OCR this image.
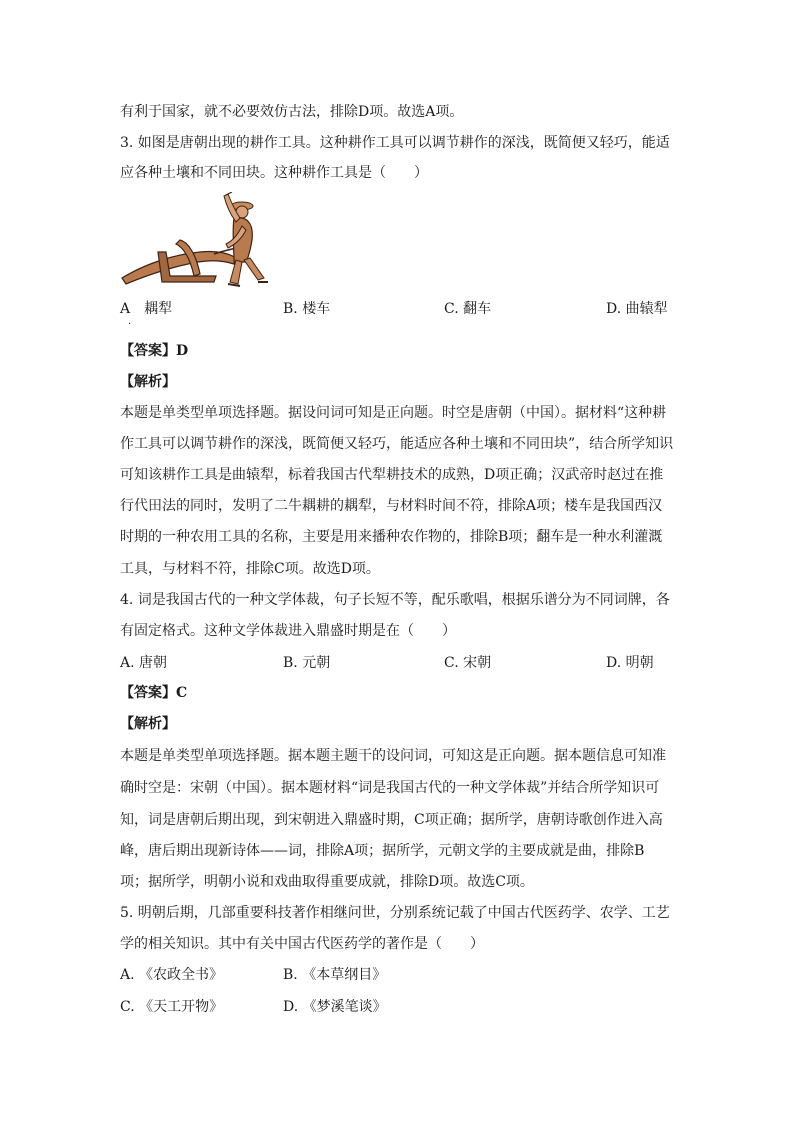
有利于国家，就不必要效仿古法，排除D项。故选A项。
3. 如图是唐朝出现的耕作工具。这种耕作工具可以调节耕作的深浅，既简便又轻巧，能适
应各种土壤和不同田块。这种耕作工具是（　　）
A　耦犁	B. 楼车	C. 翻车	D. 曲辕犁
·
【答案】D
【解析】
本题是单类型单项选择题。据设问词可知是正向题。时空是唐朝（中国）。据材料“这种耕
作工具可以调节耕作的深浅，既简便又轻巧，能适应各种土壤和不同田块”，结合所学知识
可知该耕作工具是曲辕犁，标着我国古代犁耕技术的成熟，D项正确；汉武帝时赵过在推
行代田法的同时，发明了二牛耦耕的耦犁，与材料时间不符，排除A项；楼车是我国西汉
时期的一种农用工具的名称，主要是用来播种农作物的，排除B项；翻车是一种水利灌溉
工具，与材料不符，排除C项。故选D项。
4. 词是我国古代的一种文学体裁，句子长短不等，配乐歌唱，根据乐谱分为不同词牌，各
有固定格式。这种文学体裁进入鼎盛时期是在（　　）
A. 唐朝	B. 元朝	C. 宋朝	D. 明朝
【答案】C
【解析】
本题是单类型单项选择题。据本题主题干的设问词，可知这是正向题。据本题信息可知准
确时空是：宋朝（中国）。据本题材料“词是我国古代的一种文学体裁”并结合所学知识可
知，词是唐朝后期出现，到宋朝进入鼎盛时期，C项正确；据所学，唐朝诗歌创作进入高
峰，唐后期出现新诗体——词，排除A项；据所学，元朝文学的主要成就是曲，排除B
项；据所学，明朝小说和戏曲取得重要成就，排除D项。故选C项。
5. 明朝后期，几部重要科技著作相继问世，分别系统记载了中国古代医药学、农学、工艺
学的相关知识。其中有关中国古代医药学的著作是（　　）
A. 《农政全书》	B. 《本草纲目》
C. 《天工开物》	D. 《梦溪笔谈》
